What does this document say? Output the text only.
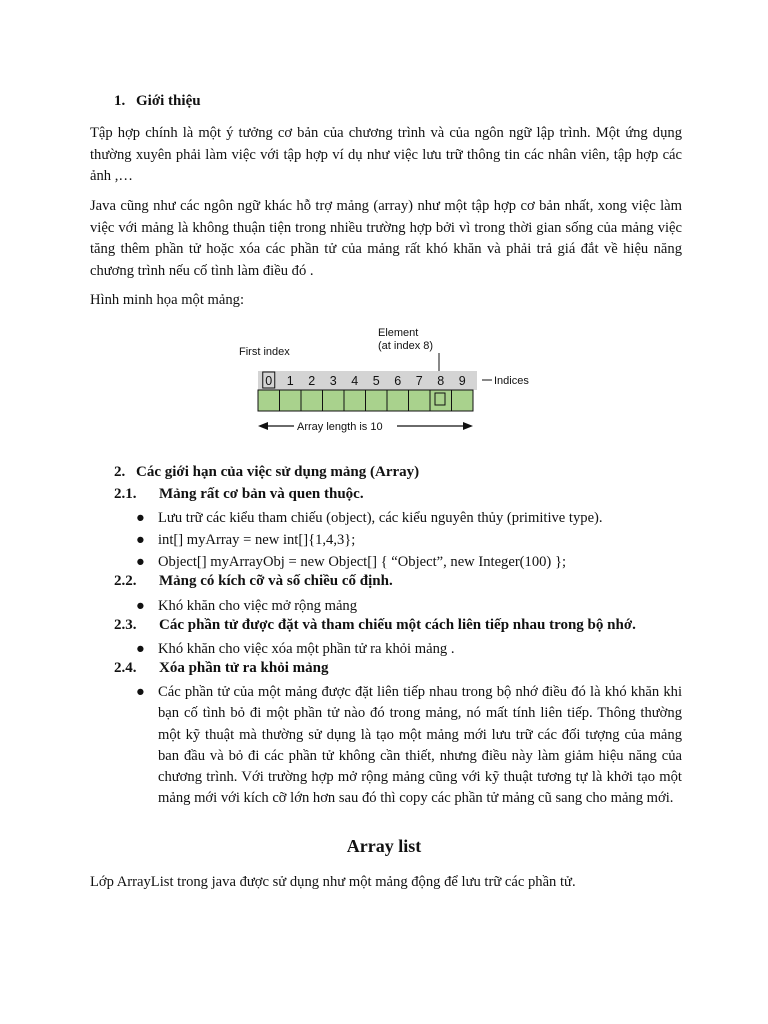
1. Giới thiệu
Tập hợp chính là một ý tưởng cơ bản của chương trình và của ngôn ngữ lập trình. Một ứng dụng thường xuyên phải làm việc với tập hợp ví dụ như việc lưu trữ thông tin các nhân viên, tập hợp các ảnh ,…
Java cũng như các ngôn ngữ khác hỗ trợ mảng (array) như một tập hợp cơ bản nhất, xong việc làm việc với mảng là không thuận tiện trong nhiều trường hợp bởi vì trong thời gian sống của mảng việc tăng thêm phần tử hoặc xóa các phần tử của mảng rất khó khăn và phải trả giá đắt về hiệu năng chương trình nếu cố tình làm điều đó .
Hình minh họa một mảng:
First index
Element
(at index 8)
0 1 2 3 4 5 6 7 8 9	Indices
Array length is 10
2. Các giới hạn của việc sử dụng mảng (Array)
2.1. Mảng rất cơ bản và quen thuộc.
● Lưu trữ các kiểu tham chiếu (object), các kiểu nguyên thủy (primitive type).
● int[] myArray = new int[]{1,4,3};
● Object[] myArrayObj = new Object[] { “Object”, new Integer(100) };
2.2. Mảng có kích cỡ và số chiều cố định.
● Khó khăn cho việc mở rộng mảng
2.3. Các phần tử được đặt và tham chiếu một cách liên tiếp nhau trong bộ nhớ.
● Khó khăn cho việc xóa một phần tử ra khỏi mảng .
2.4. Xóa phần tử ra khỏi mảng
● Các phần tử của một mảng được đặt liên tiếp nhau trong bộ nhớ điều đó là khó khăn khi bạn cố tình bỏ đi một phần tử nào đó trong mảng, nó mất tính liên tiếp. Thông thường một kỹ thuật mà thường sử dụng là tạo một mảng mới lưu trữ các đối tượng của mảng ban đầu và bỏ đi các phần tử không cần thiết, nhưng điều này làm giảm hiệu năng của chương trình. Với trường hợp mở rộng mảng cũng với kỹ thuật tương tự là khởi tạo một mảng mới với kích cỡ lớn hơn sau đó thì copy các phần tử mảng cũ sang cho mảng mới.
Array list
Lớp ArrayList trong java được sử dụng như một mảng động để lưu trữ các phần tử.
